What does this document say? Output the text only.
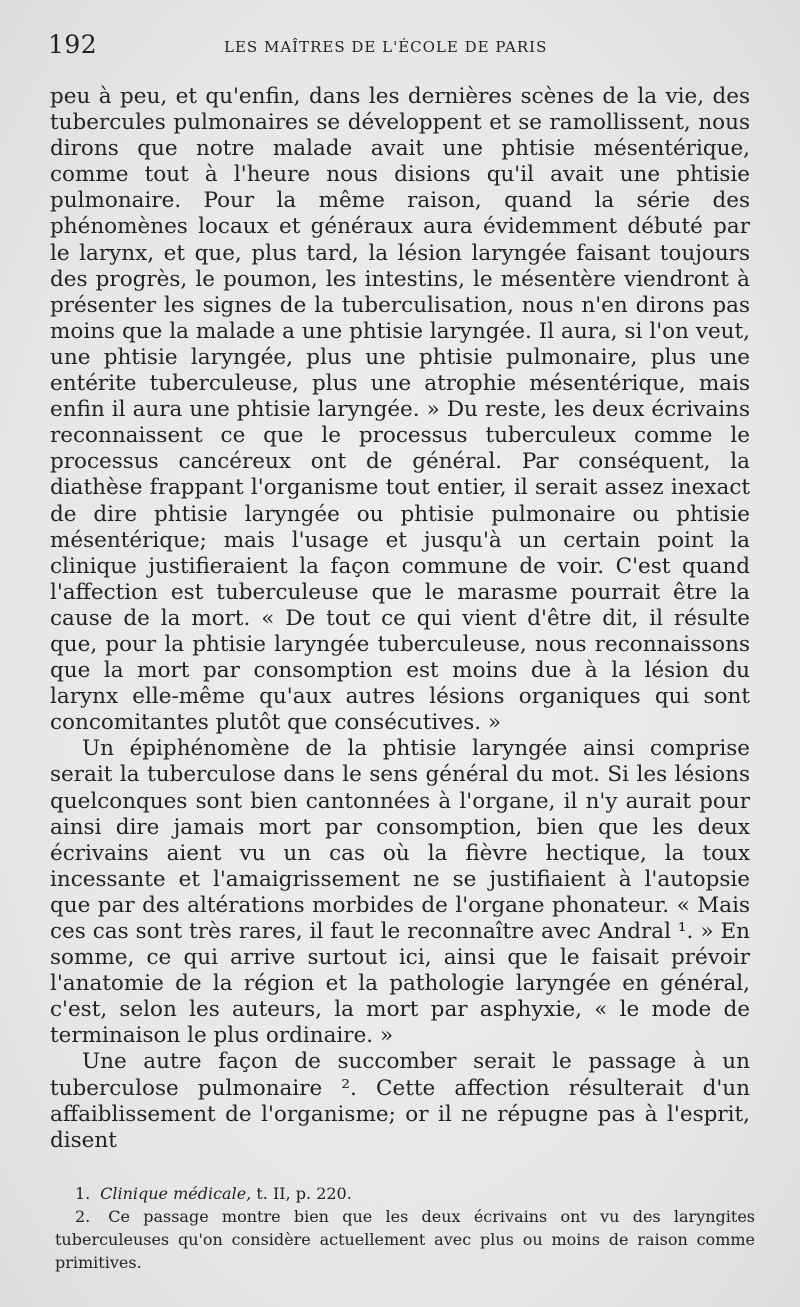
192	LES MAÎTRES DE L'ÉCOLE DE PARIS

peu à peu, et qu'enfin, dans les dernières scènes de la vie, des tubercules pulmonaires se développent et se ramollissent, nous dirons que notre malade avait une phtisie mésentérique, comme tout à l'heure nous disions qu'il avait une phtisie pulmonaire. Pour la même raison, quand la série des phénomènes locaux et généraux aura évidemment débuté par le larynx, et que, plus tard, la lésion laryngée faisant toujours des progrès, le poumon, les intestins, le mésentère viendront à présenter les signes de la tuberculisation, nous n'en dirons pas moins que la malade a une phtisie laryngée. Il aura, si l'on veut, une phtisie laryngée, plus une phtisie pulmonaire, plus une entérite tuberculeuse, plus une atrophie mésentérique, mais enfin il aura une phtisie laryngée. » Du reste, les deux écrivains reconnaissent ce que le processus tuberculeux comme le processus cancéreux ont de général. Par conséquent, la diathèse frappant l'organisme tout entier, il serait assez inexact de dire phtisie laryngée ou phtisie pulmonaire ou phtisie mésentérique; mais l'usage et jusqu'à un certain point la clinique justifieraient la façon commune de voir. C'est quand l'affection est tuberculeuse que le marasme pourrait être la cause de la mort. « De tout ce qui vient d'être dit, il résulte que, pour la phtisie laryngée tuberculeuse, nous reconnaissons que la mort par consomption est moins due à la lésion du larynx elle-même qu'aux autres lésions organiques qui sont concomitantes plutôt que consécutives. »

Un épiphénomène de la phtisie laryngée ainsi comprise serait la tuberculose dans le sens général du mot. Si les lésions quelconques sont bien cantonnées à l'organe, il n'y aurait pour ainsi dire jamais mort par consomption, bien que les deux écrivains aient vu un cas où la fièvre hectique, la toux incessante et l'amaigrissement ne se justifiaient à l'autopsie que par des altérations morbides de l'organe phonateur. « Mais ces cas sont très rares, il faut le reconnaître avec Andral ¹. » En somme, ce qui arrive surtout ici, ainsi que le faisait prévoir l'anatomie de la région et la pathologie laryngée en général, c'est, selon les auteurs, la mort par asphyxie, « le mode de terminaison le plus ordinaire. »

Une autre façon de succomber serait le passage à un tuberculose pulmonaire ². Cette affection résulterait d'un affaiblissement de l'organisme; or il ne répugne pas à l'esprit, disent

1. Clinique médicale, t. II, p. 220.

2. Ce passage montre bien que les deux écrivains ont vu des laryngites tuberculeuses qu'on considère actuellement avec plus ou moins de raison comme primitives.
